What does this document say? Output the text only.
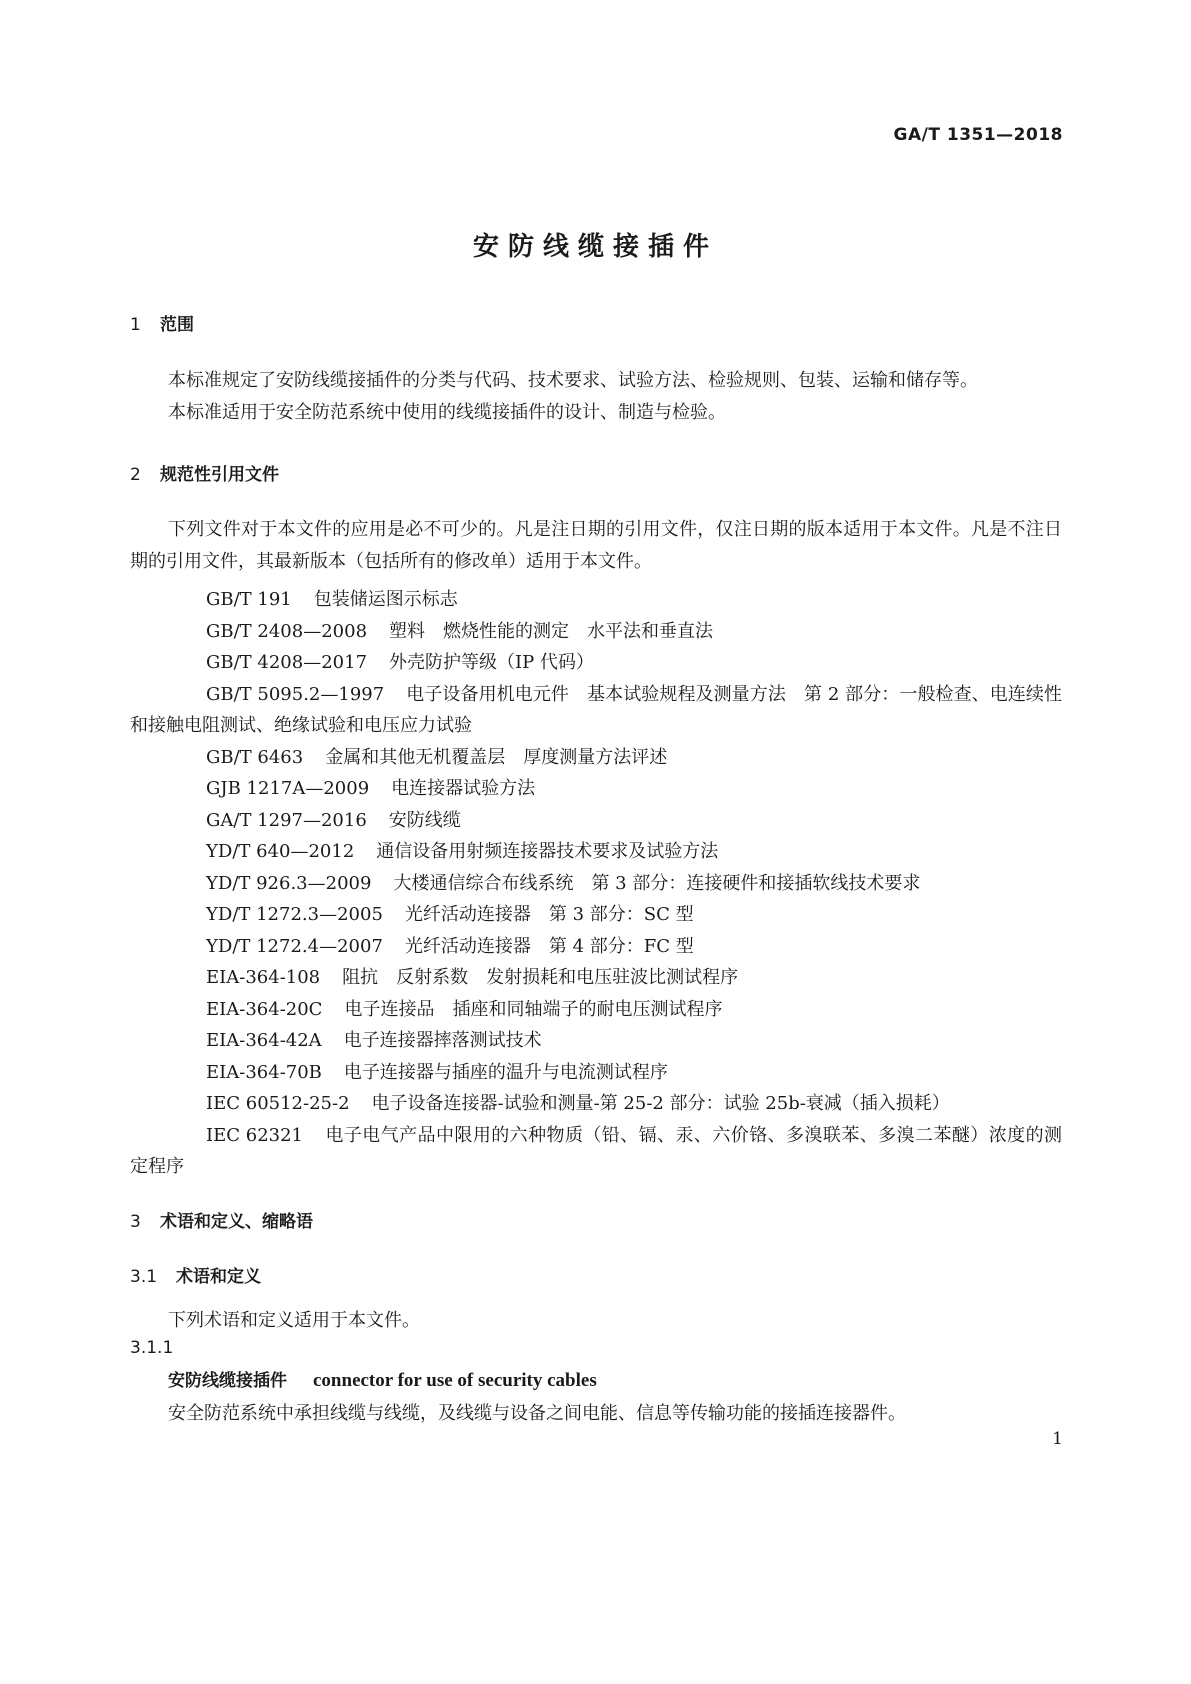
GA/T 1351—2018
安防线缆接插件
1 范围
本标准规定了安防线缆接插件的分类与代码、技术要求、试验方法、检验规则、包装、运输和储存等。
本标准适用于安全防范系统中使用的线缆接插件的设计、制造与检验。
2 规范性引用文件

下列文件对于本文件的应用是必不可少的。凡是注日期的引用文件，仅注日期的版本适用于本文件。凡是不注日期的引用文件，其最新版本（包括所有的修改单）适用于本文件。

GB/T 191 包装储运图示标志
GB/T 2408—2008 塑料　燃烧性能的测定　水平法和垂直法
GB/T 4208—2017 外壳防护等级（IP 代码）
GB/T 5095.2—1997 电子设备用机电元件　基本试验规程及测量方法　第 2 部分：一般检查、电连续性和接触电阻测试、绝缘试验和电压应力试验
GB/T 6463 金属和其他无机覆盖层　厚度测量方法评述
GJB 1217A—2009 电连接器试验方法
GA/T 1297—2016 安防线缆
YD/T 640—2012 通信设备用射频连接器技术要求及试验方法
YD/T 926.3—2009 大楼通信综合布线系统　第 3 部分：连接硬件和接插软线技术要求
YD/T 1272.3—2005 光纤活动连接器　第 3 部分：SC 型
YD/T 1272.4—2007 光纤活动连接器　第 4 部分：FC 型
EIA-364-108 阻抗　反射系数　发射损耗和电压驻波比测试程序
EIA-364-20C 电子连接品　插座和同轴端子的耐电压测试程序
EIA-364-42A 电子连接器摔落测试技术
EIA-364-70B 电子连接器与插座的温升与电流测试程序
IEC 60512-25-2 电子设备连接器-试验和测量-第 25-2 部分：试验 25b-衰减（插入损耗）
IEC 62321 电子电气产品中限用的六种物质（铅、镉、汞、六价铬、多溴联苯、多溴二苯醚）浓度的测定程序
3 术语和定义、缩略语
3.1 术语和定义
下列术语和定义适用于本文件。
3.1.1
安防线缆接插件 connector for use of security cables
安全防范系统中承担线缆与线缆，及线缆与设备之间电能、信息等传输功能的接插连接器件。
1
